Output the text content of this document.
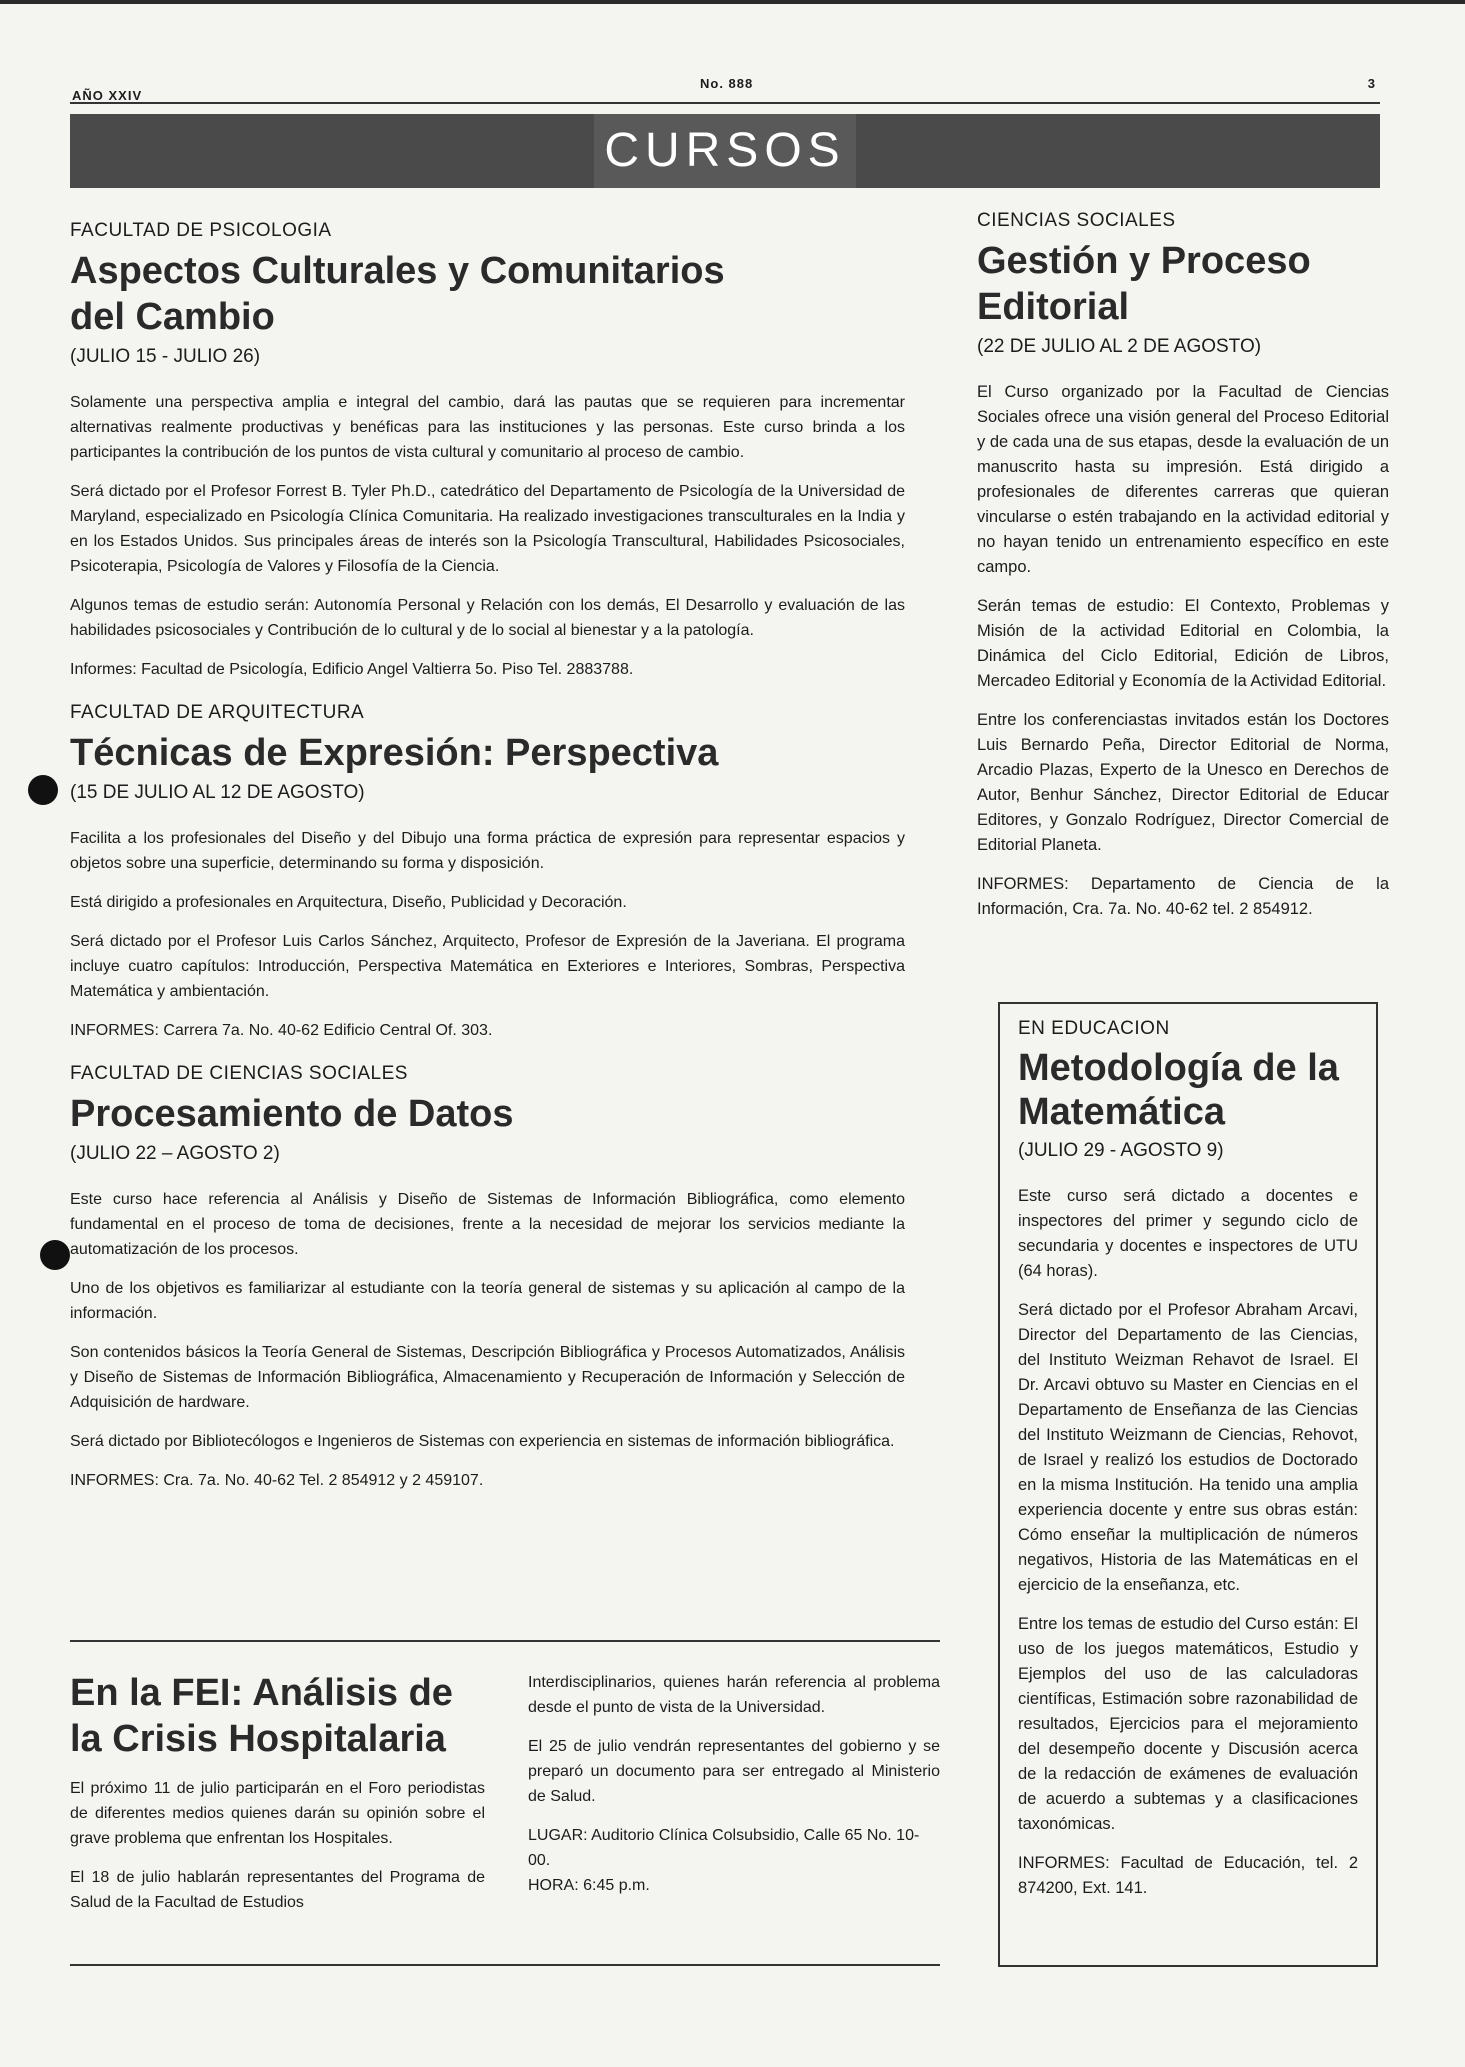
AÑO XXIV
No. 888	3
CURSOS
FACULTAD DE PSICOLOGIA
Aspectos Culturales y Comunitarios del Cambio
(JULIO 15 - JULIO 26)

Solamente una perspectiva amplia e integral del cambio, dará las pautas que se requieren para incrementar alternativas realmente productivas y benéficas para las instituciones y las personas. Este curso brinda a los participantes la contribución de los puntos de vista cultural y comunitario al proceso de cambio.

Será dictado por el Profesor Forrest B. Tyler Ph.D., catedrático del Departamento de Psicología de la Universidad de Maryland, especializado en Psicología Clínica Comunitaria. Ha realizado investigaciones transculturales en la India y en los Estados Unidos. Sus principales áreas de interés son la Psicología Transcultural, Habilidades Psicosociales, Psicoterapia, Psicología de Valores y Filosofía de la Ciencia.

Algunos temas de estudio serán: Autonomía Personal y Relación con los demás, El Desarrollo y evaluación de las habilidades psicosociales y Contribución de lo cultural y de lo social al bienestar y a la patología.

Informes: Facultad de Psicología, Edificio Angel Valtierra 5o. Piso Tel. 2883788.

FACULTAD DE ARQUITECTURA
Técnicas de Expresión: Perspectiva
(15 DE JULIO AL 12 DE AGOSTO)

Facilita a los profesionales del Diseño y del Dibujo una forma práctica de expresión para representar espacios y objetos sobre una superficie, determinando su forma y disposición.

Está dirigido a profesionales en Arquitectura, Diseño, Publicidad y Decoración.

Será dictado por el Profesor Luis Carlos Sánchez, Arquitecto, Profesor de Expresión de la Javeriana. El programa incluye cuatro capítulos: Introducción, Perspectiva Matemática en Exteriores e Interiores, Sombras, Perspectiva Matemática y ambientación.

INFORMES: Carrera 7a. No. 40-62 Edificio Central Of. 303.

FACULTAD DE CIENCIAS SOCIALES
Procesamiento de Datos
(JULIO 22 – AGOSTO 2)

Este curso hace referencia al Análisis y Diseño de Sistemas de Información Bibliográfica, como elemento fundamental en el proceso de toma de decisiones, frente a la necesidad de mejorar los servicios mediante la automatización de los procesos.

Uno de los objetivos es familiarizar al estudiante con la teoría general de sistemas y su aplicación al campo de la información.

Son contenidos básicos la Teoría General de Sistemas, Descripción Bibliográfica y Procesos Automatizados, Análisis y Diseño de Sistemas de Información Bibliográfica, Almacenamiento y Recuperación de Información y Selección de Adquisición de hardware.

Será dictado por Bibliotecólogos e Ingenieros de Sistemas con experiencia en sistemas de información bibliográfica.

INFORMES: Cra. 7a. No. 40-62 Tel. 2 854912 y 2 459107.

CIENCIAS SOCIALES
Gestión y Proceso Editorial
(22 DE JULIO AL 2 DE AGOSTO)

El Curso organizado por la Facultad de Ciencias Sociales ofrece una visión general del Proceso Editorial y de cada una de sus etapas, desde la evaluación de un manuscrito hasta su impresión. Está dirigido a profesionales de diferentes carreras que quieran vincularse o estén trabajando en la actividad editorial y no hayan tenido un entrenamiento específico en este campo.

Serán temas de estudio: El Contexto, Problemas y Misión de la actividad Editorial en Colombia, la Dinámica del Ciclo Editorial, Edición de Libros, Mercadeo Editorial y Economía de la Actividad Editorial.

Entre los conferenciastas invitados están los Doctores Luis Bernardo Peña, Director Editorial de Norma, Arcadio Plazas, Experto de la Unesco en Derechos de Autor, Benhur Sánchez, Director Editorial de Educar Editores, y Gonzalo Rodríguez, Director Comercial de Editorial Planeta.

INFORMES: Departamento de Ciencia de la Información, Cra. 7a. No. 40-62 tel. 2 854912.

EN EDUCACION
Metodología de la Matemática
(JULIO 29 - AGOSTO 9)

Este curso será dictado a docentes e inspectores del primer y segundo ciclo de secundaria y docentes e inspectores de UTU (64 horas).

Será dictado por el Profesor Abraham Arcavi, Director del Departamento de las Ciencias, del Instituto Weizman Rehavot de Israel. El Dr. Arcavi obtuvo su Master en Ciencias en el Departamento de Enseñanza de las Ciencias del Instituto Weizmann de Ciencias, Rehovot, de Israel y realizó los estudios de Doctorado en la misma Institución. Ha tenido una amplia experiencia docente y entre sus obras están: Cómo enseñar la multiplicación de números negativos, Historia de las Matemáticas en el ejercicio de la enseñanza, etc.

Entre los temas de estudio del Curso están: El uso de los juegos matemáticos, Estudio y Ejemplos del uso de las calculadoras científicas, Estimación sobre razonabilidad de resultados, Ejercicios para el mejoramiento del desempeño docente y Discusión acerca de la redacción de exámenes de evaluación de acuerdo a subtemas y a clasificaciones taxonómicas.

INFORMES: Facultad de Educación, tel. 2 874200, Ext. 141.

En la FEI: Análisis de la Crisis Hospitalaria

El próximo 11 de julio participarán en el Foro periodistas de diferentes medios quienes darán su opinión sobre el grave problema que enfrentan los Hospitales.

El 18 de julio hablarán representantes del Programa de Salud de la Facultad de Estudios

Interdisciplinarios, quienes harán referencia al problema desde el punto de vista de la Universidad.

El 25 de julio vendrán representantes del gobierno y se preparó un documento para ser entregado al Ministerio de Salud.

LUGAR: Auditorio Clínica Colsubsidio, Calle 65 No. 10-00.

HORA: 6:45 p.m.
